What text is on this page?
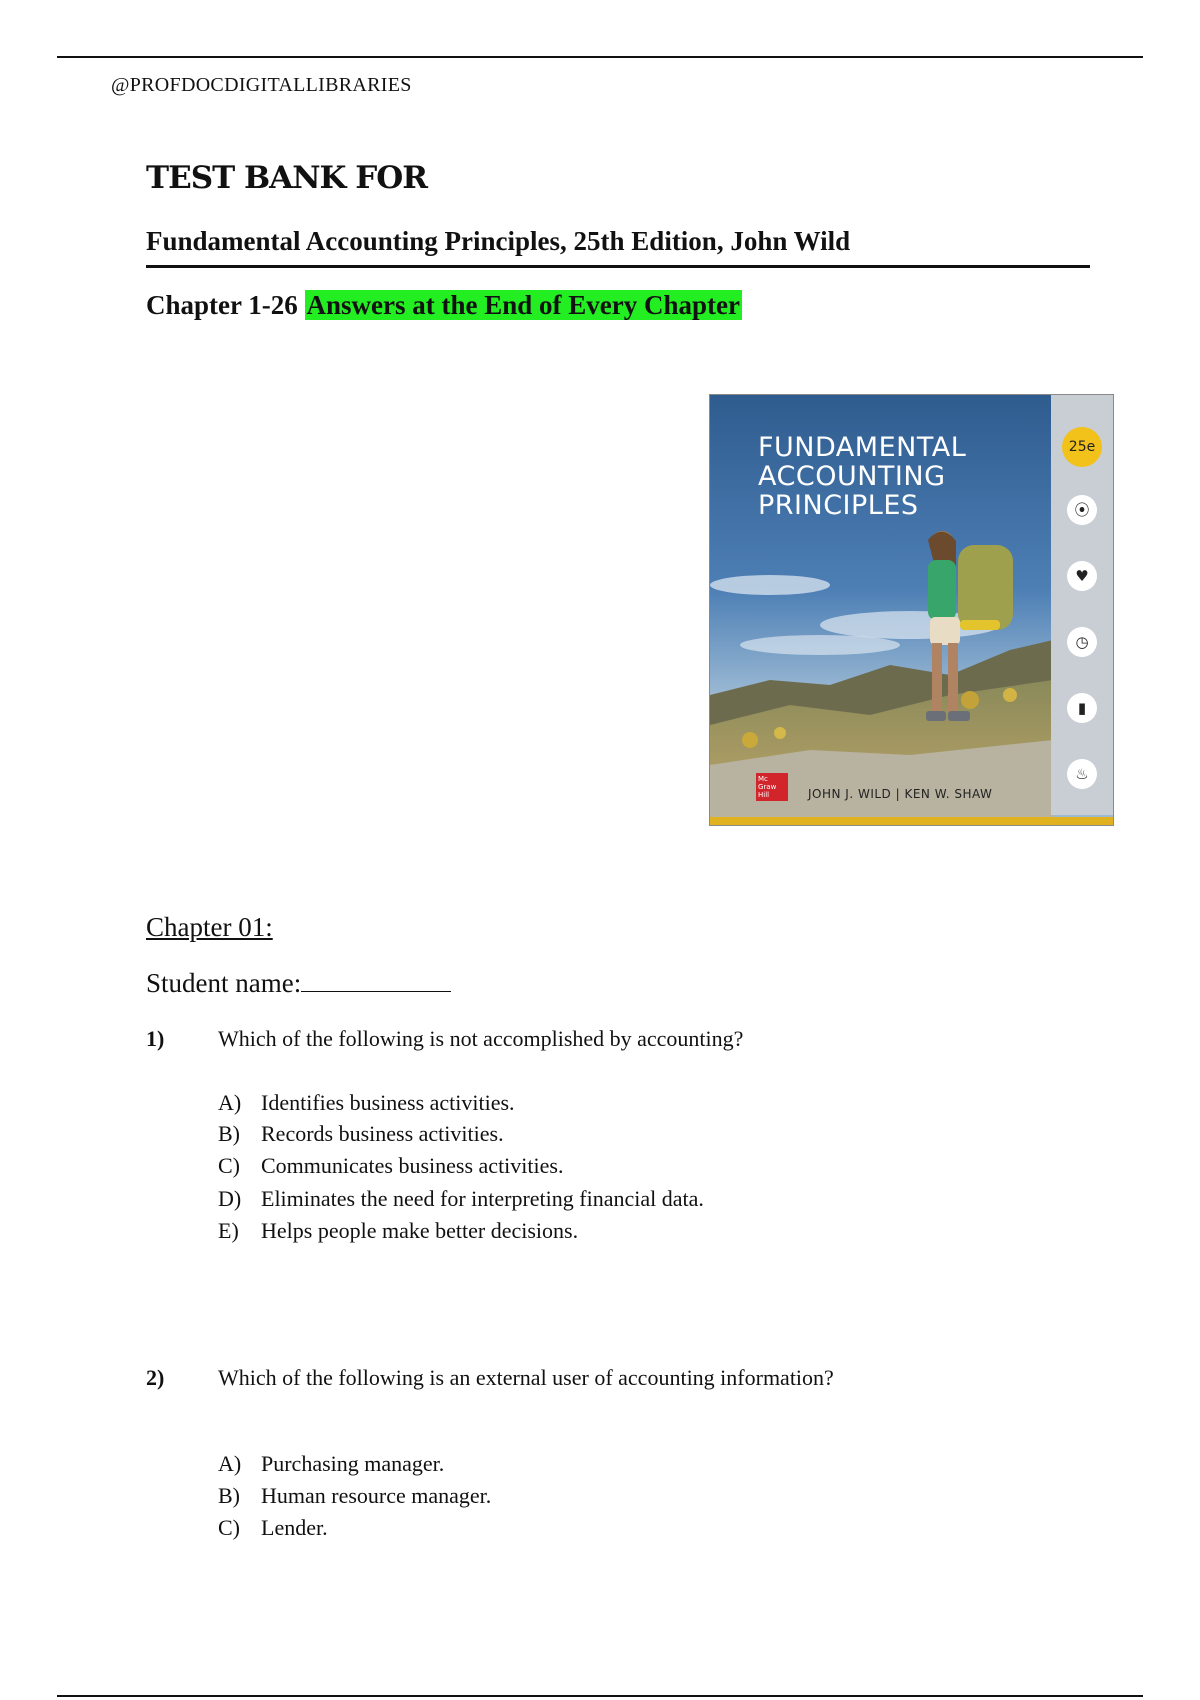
@PROFDOCDIGITALLIBRARIES
TEST BANK FOR
Fundamental Accounting Principles, 25th Edition, John Wild
Chapter 1-26 Answers at the End of Every Chapter
FUNDAMENTAL
ACCOUNTING
PRINCIPLES
25e
⦿
♥
◷
▮
♨
Mc Graw Hill	JOHN J. WILD | KEN W. SHAW
Chapter 01:
Student name:
1) Which of the following is not accomplished by accounting?
A) Identifies business activities.
B) Records business activities.
C) Communicates business activities.
D) Eliminates the need for interpreting financial data.
E) Helps people make better decisions.
2) Which of the following is an external user of accounting information?
A) Purchasing manager.
B) Human resource manager.
C) Lender.
